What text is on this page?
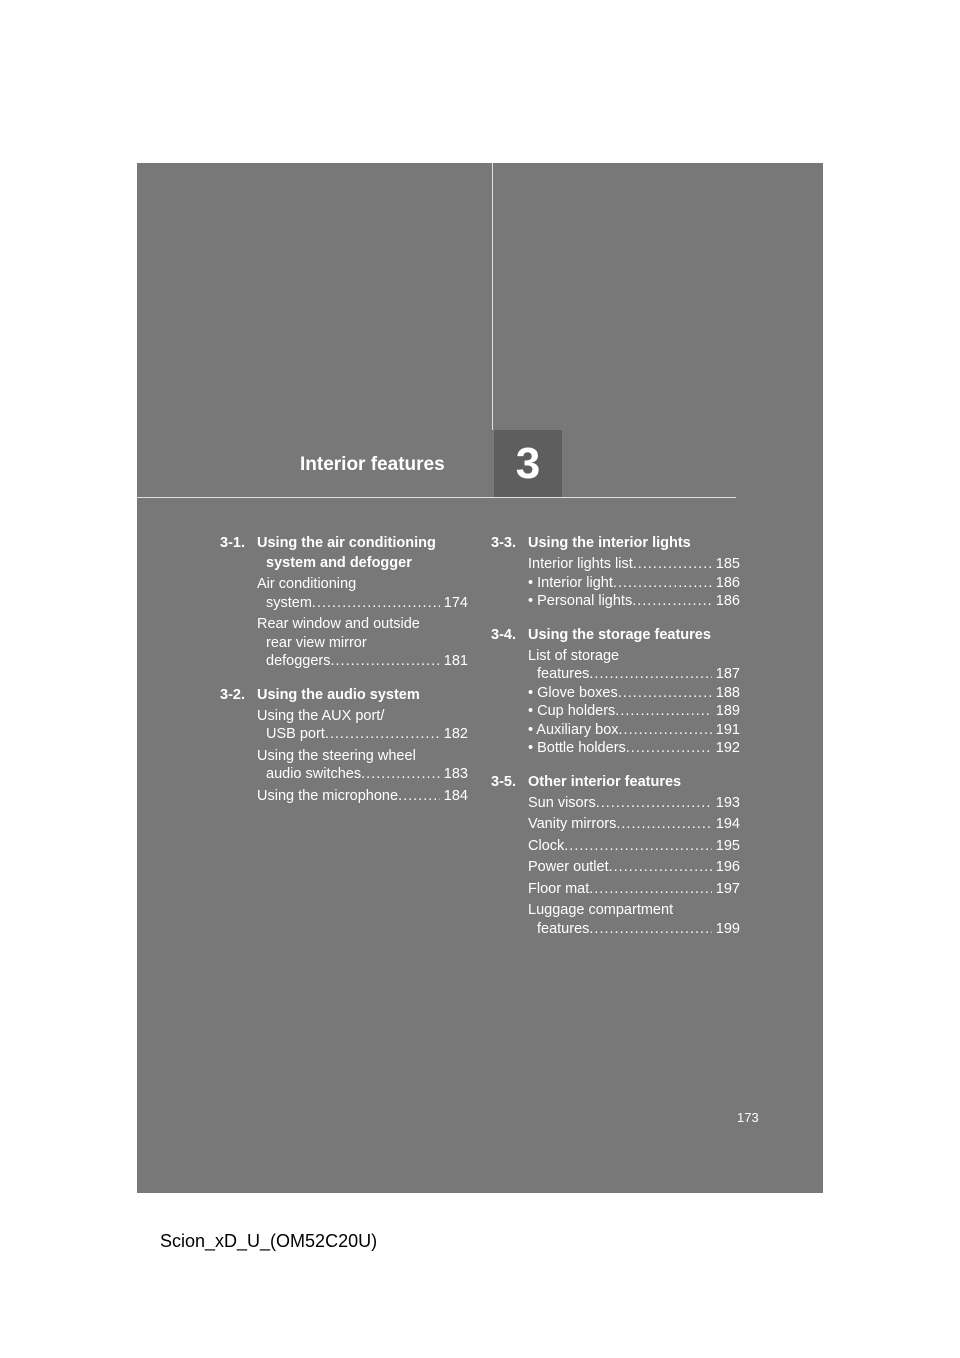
Interior features	3
3-1. Using the air conditioning
system and defogger
Air conditioning
system .....	174
Rear window and outside
rear view mirror
defoggers .....	181
3-2. Using the audio system
Using the AUX port/
USB port .....	182
Using the steering wheel
audio switches .....	183
Using the microphone .....	184
3-3. Using the interior lights
Interior lights list .....	185
• Interior light .....	186
• Personal lights .....	186
3-4. Using the storage features
List of storage
features .....	187
• Glove boxes .....	188
• Cup holders .....	189
• Auxiliary box .....	191
• Bottle holders .....	192
3-5. Other interior features
Sun visors .....	193
Vanity mirrors .....	194
Clock .....	195
Power outlet .....	196
Floor mat .....	197
Luggage compartment
features .....	199
173
Scion_xD_U_(OM52C20U)
